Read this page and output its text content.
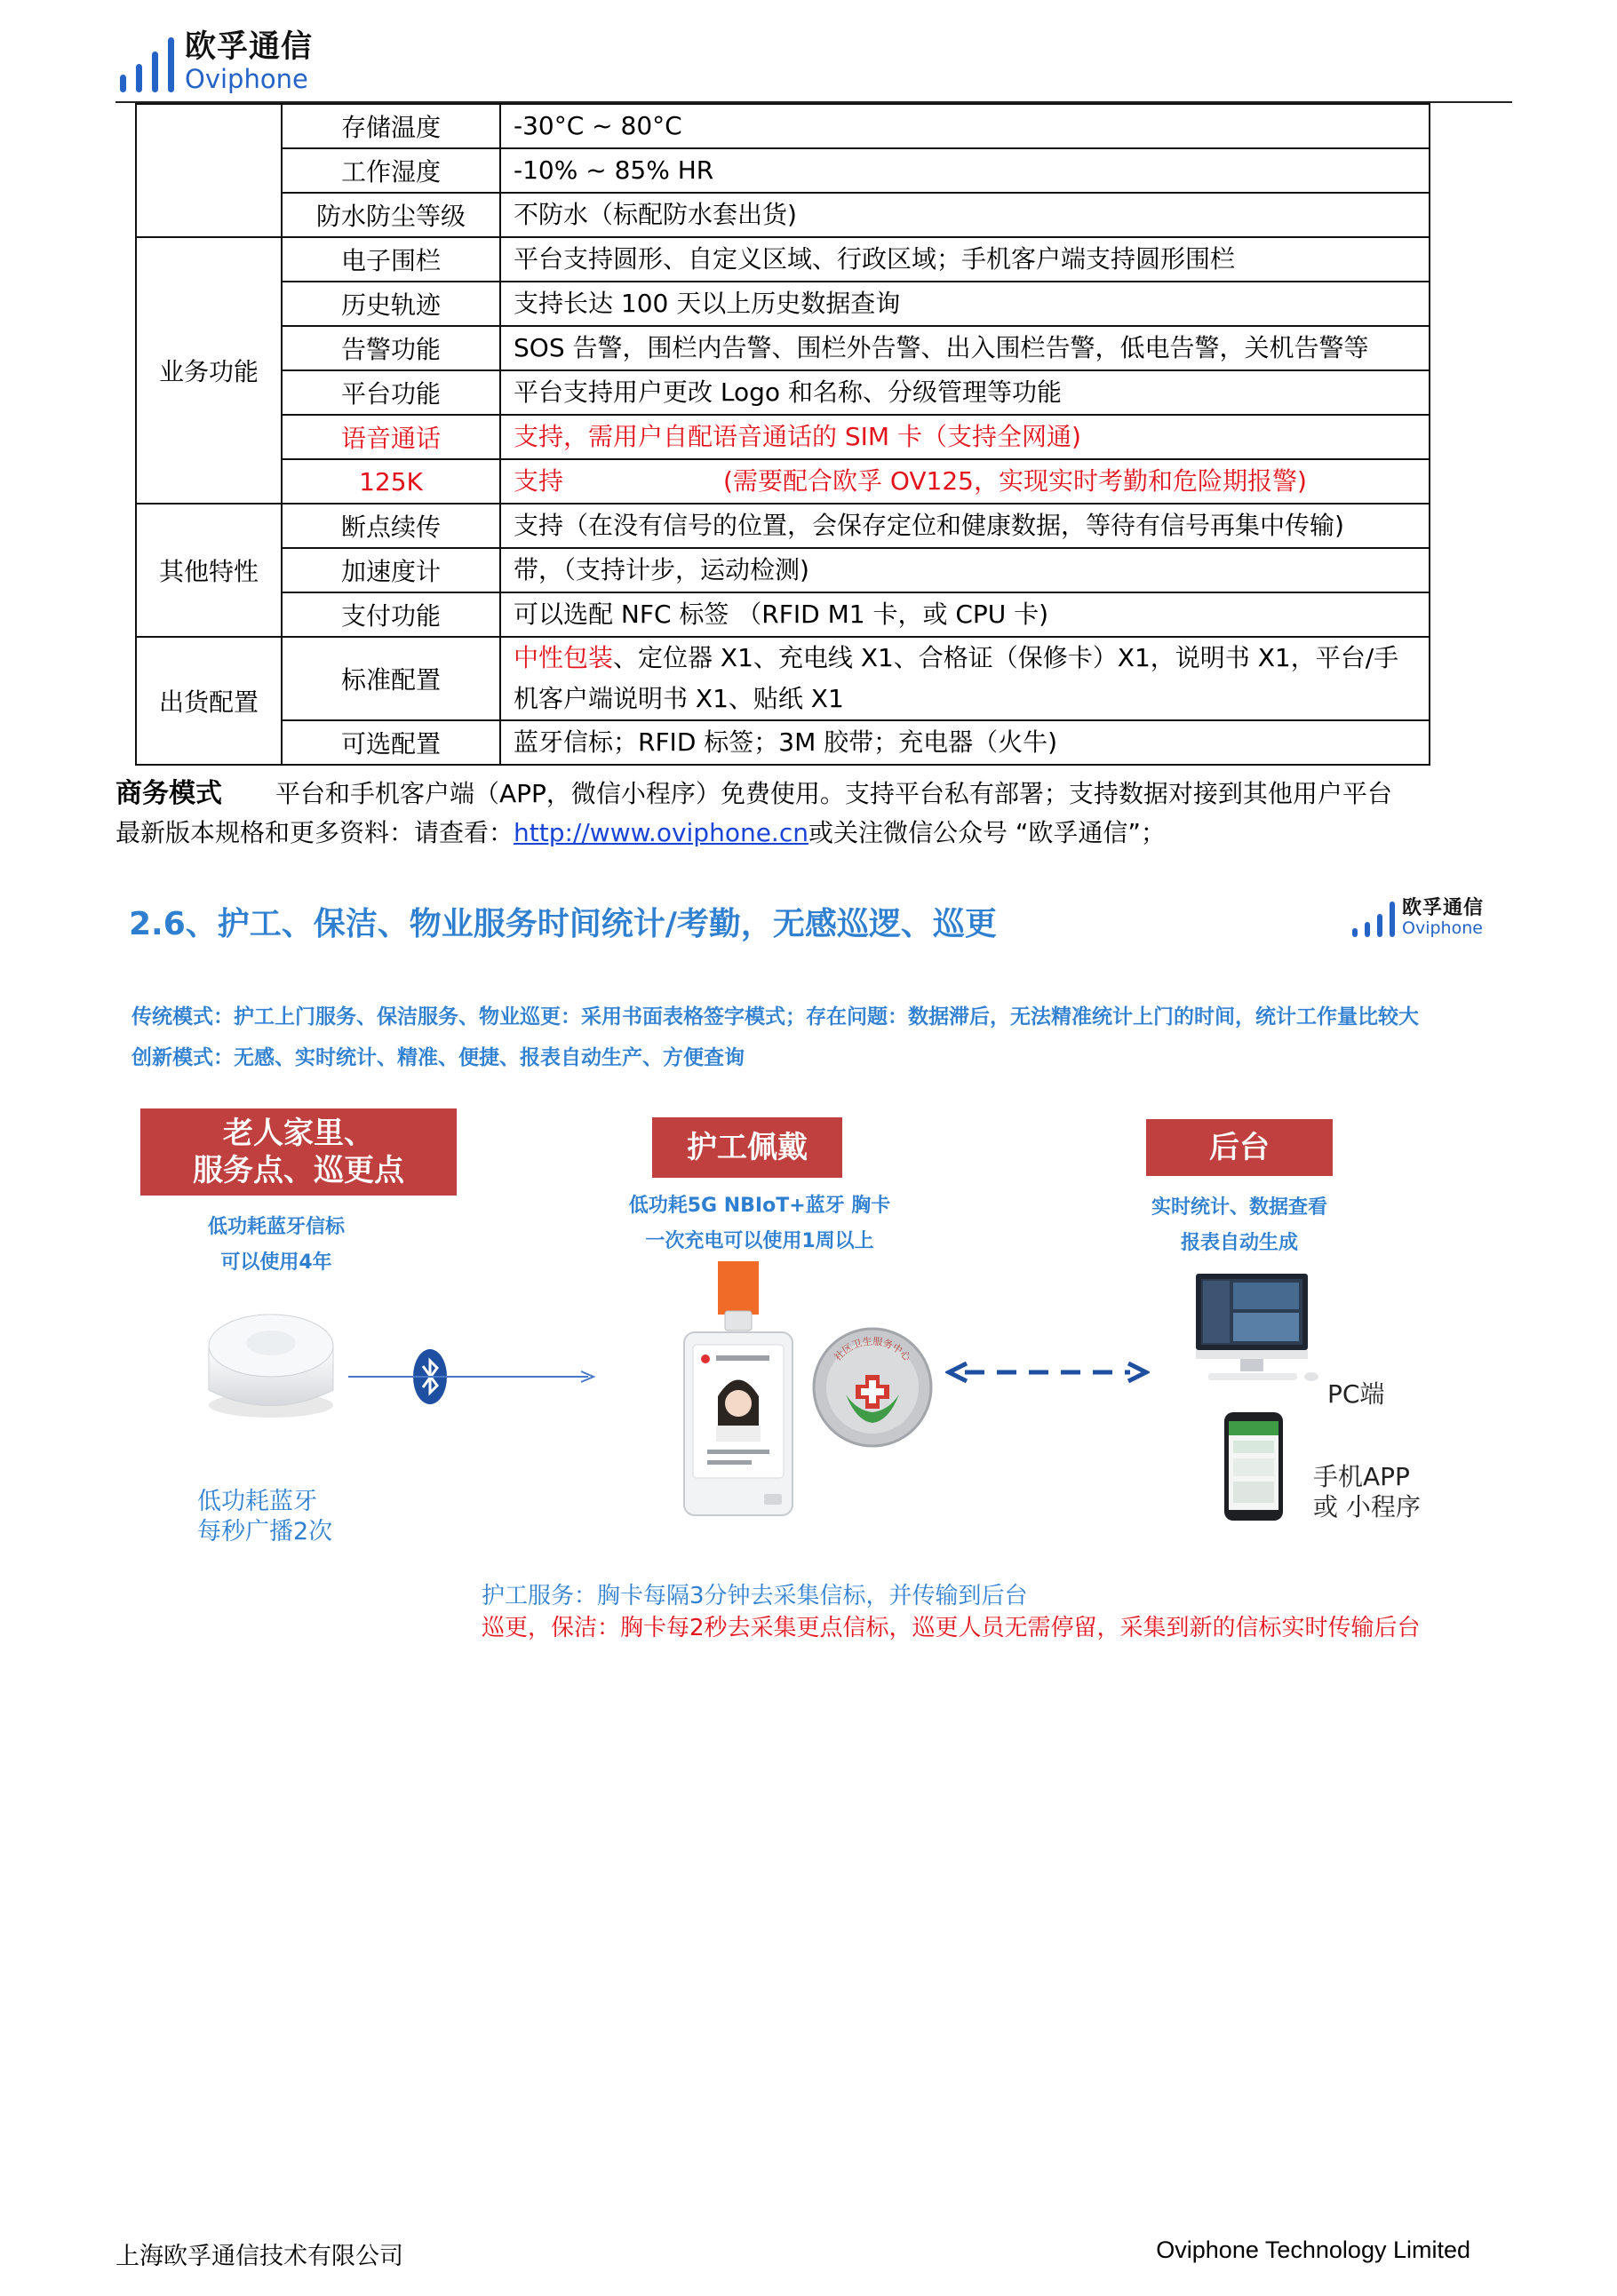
欧孚通信
Oviphone
	存储温度	-30°C ~ 80°C
	工作湿度	-10% ~ 85% HR
	防水防尘等级	不防水（标配防水套出货)
业务功能	电子围栏	平台支持圆形、自定义区域、行政区域；手机客户端支持圆形围栏
	历史轨迹	支持长达 100 天以上历史数据查询
	告警功能	SOS 告警，围栏内告警、围栏外告警、出入围栏告警，低电告警，关机告警等
	平台功能	平台支持用户更改 Logo 和名称、分级管理等功能
	语音通话	支持，需用户自配语音通话的 SIM 卡（支持全网通)
	125K	支持 (需要配合欧孚 OV125，实现实时考勤和危险期报警)
其他特性	断点续传	支持（在没有信号的位置，会保存定位和健康数据，等待有信号再集中传输)
	加速度计	带，（支持计步，运动检测)
	支付功能	可以选配 NFC 标签 （RFID M1 卡，或 CPU 卡)
出货配置	标准配置	中性包装、定位器 X1、充电线 X1、合格证（保修卡）X1，说明书 X1，平台/手机客户端说明书 X1、贴纸 X1
	可选配置	蓝牙信标；RFID 标签；3M 胶带；充电器（火牛)
商务模式 平台和手机客户端（APP，微信小程序）免费使用。支持平台私有部署；支持数据对接到其他用户平台
最新版本规格和更多资料：请查看：http://www.oviphone.cn或关注微信公众号 “欧孚通信”；
2.6、护工、保洁、物业服务时间统计/考勤，无感巡逻、巡更	欧孚通信
Oviphone
传统模式：护工上门服务、保洁服务、物业巡更：采用书面表格签字模式；存在问题：数据滞后，无法精准统计上门的时间，统计工作量比较大
创新模式：无感、实时统计、精准、便捷、报表自动生产、方便查询
老人家里、
服务点、巡更点
护工佩戴	后台
低功耗蓝牙信标
可以使用4年
低功耗5G NBIoT+蓝牙 胸卡
一次充电可以使用1周以上
实时统计、数据查看
报表自动生成
社区卫生服务中心
PC端
手机APP
或 小程序
低功耗蓝牙
每秒广播2次
护工服务：胸卡每隔3分钟去采集信标，并传输到后台
巡更，保洁：胸卡每2秒去采集更点信标，巡更人员无需停留，采集到新的信标实时传输后台
上海欧孚通信技术有限公司	Oviphone Technology Limited
